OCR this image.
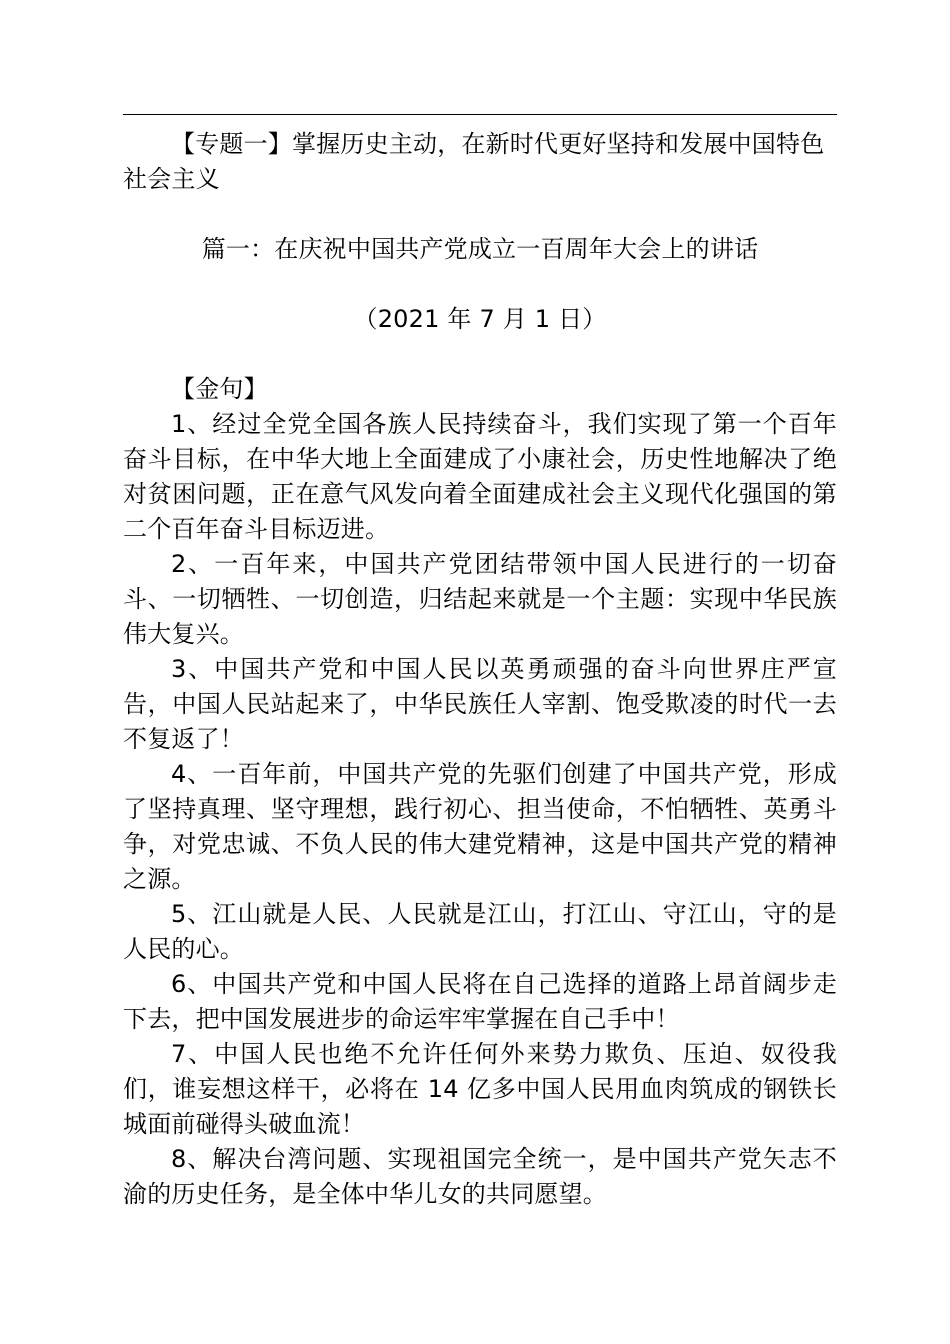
【专题一】掌握历史主动，在新时代更好坚持和发展中国特色社会主义

篇一：在庆祝中国共产党成立一百周年大会上的讲话

（2021 年 7 月 1 日）

【金句】

1、经过全党全国各族人民持续奋斗，我们实现了第一个百年奋斗目标，在中华大地上全面建成了小康社会，历史性地解决了绝对贫困问题，正在意气风发向着全面建成社会主义现代化强国的第二个百年奋斗目标迈进。

2、一百年来，中国共产党团结带领中国人民进行的一切奋斗、一切牺牲、一切创造，归结起来就是一个主题：实现中华民族伟大复兴。

3、中国共产党和中国人民以英勇顽强的奋斗向世界庄严宣告，中国人民站起来了，中华民族任人宰割、饱受欺凌的时代一去不复返了！

4、一百年前，中国共产党的先驱们创建了中国共产党，形成了坚持真理、坚守理想，践行初心、担当使命，不怕牺牲、英勇斗争，对党忠诚、不负人民的伟大建党精神，这是中国共产党的精神之源。

5、江山就是人民、人民就是江山，打江山、守江山，守的是人民的心。

6、中国共产党和中国人民将在自己选择的道路上昂首阔步走下去，把中国发展进步的命运牢牢掌握在自己手中！

7、中国人民也绝不允许任何外来势力欺负、压迫、奴役我们，谁妄想这样干，必将在 14 亿多中国人民用血肉筑成的钢铁长城面前碰得头破血流！

8、解决台湾问题、实现祖国完全统一，是中国共产党矢志不渝的历史任务，是全体中华儿女的共同愿望。
